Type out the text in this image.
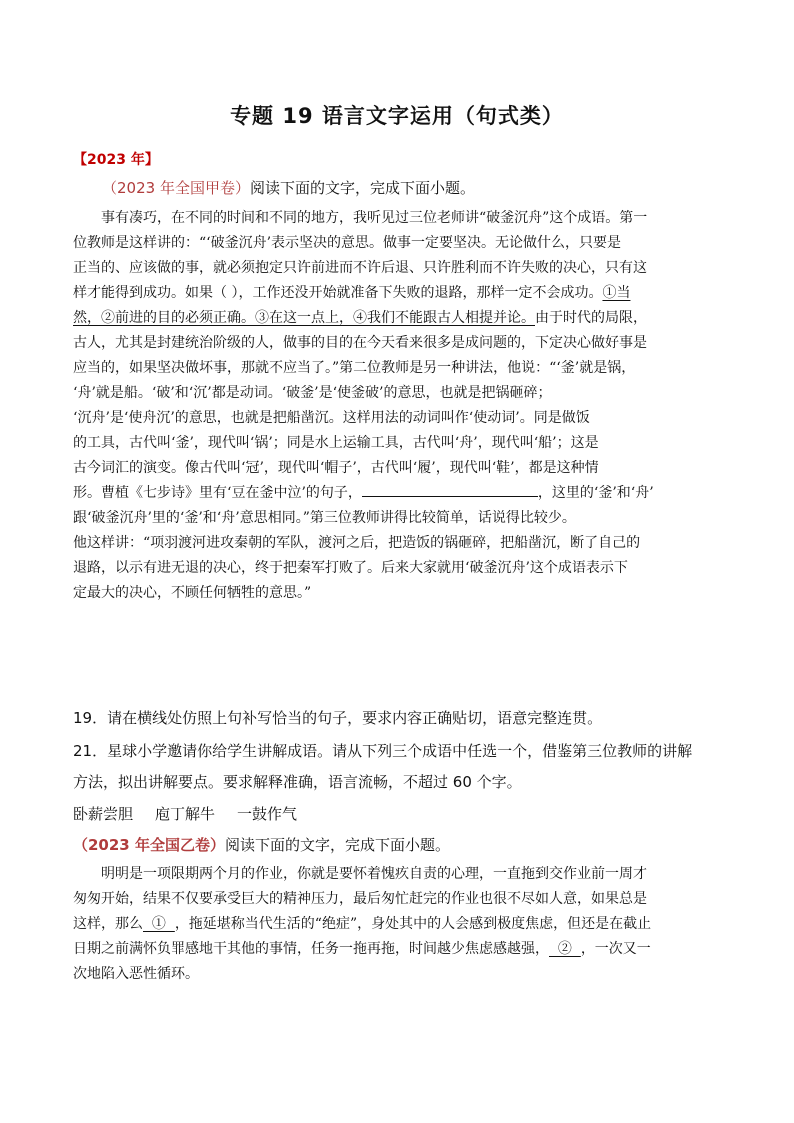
专题 19 语言文字运用（句式类）
【2023 年】
（2023 年全国甲卷）阅读下面的文字，完成下面小题。
事有凑巧，在不同的时间和不同的地方，我听见过三位老师讲“破釜沉舟”这个成语。第一
位教师是这样讲的：“‘破釜沉舟’表示坚决的意思。做事一定要坚决。无论做什么，只要是
正当的、应该做的事，就必须抱定只许前进而不许后退、只许胜利而不许失败的决心，只有这
样才能得到成功。如果（ ），工作还没开始就准备下失败的退路，那样一定不会成功。①当
然，②前进的目的必须正确。③在这一点上，④我们不能跟古人相提并论。由于时代的局限，
古人，尤其是封建统治阶级的人，做事的目的在今天看来很多是成问题的，下定决心做好事是
应当的，如果坚决做坏事，那就不应当了。”第二位教师是另一种讲法，他说：“‘釜’就是锅，
‘舟’就是船。‘破’和‘沉’都是动词。‘破釜’是‘使釜破’的意思，也就是把锅砸碎；
‘沉舟’是‘使舟沉’的意思，也就是把船凿沉。这样用法的动词叫作‘使动词’。同是做饭
的工具，古代叫‘釜’，现代叫‘锅’；同是水上运输工具，古代叫‘舟’，现代叫‘船’；这是
古今词汇的演变。像古代叫‘冠’，现代叫‘帽子’，古代叫‘履’，现代叫‘鞋’，都是这种情
形。曹植《七步诗》里有‘豆在釜中泣’的句子，	，这里的‘釜’和‘舟’
跟‘破釜沉舟’里的‘釜’和‘舟’意思相同。”第三位教师讲得比较简单，话说得比较少。
他这样讲：“项羽渡河进攻秦朝的军队，渡河之后，把造饭的锅砸碎，把船凿沉，断了自己的
退路，以示有进无退的决心，终于把秦军打败了。后来大家就用‘破釜沉舟’这个成语表示下
定最大的决心，不顾任何牺牲的意思。”
19．请在横线处仿照上句补写恰当的句子，要求内容正确贴切，语意完整连贯。
21．星球小学邀请你给学生讲解成语。请从下列三个成语中任选一个，借鉴第三位教师的讲解
方法，拟出讲解要点。要求解释准确，语言流畅，不超过 60 个字。
卧薪尝胆 庖丁解牛 一鼓作气
（2023 年全国乙卷）阅读下面的文字，完成下面小题。
明明是一项限期两个月的作业，你就是要怀着愧疚自责的心理，一直拖到交作业前一周才
匆匆开始，结果不仅要承受巨大的精神压力，最后匆忙赶完的作业也很不尽如人意，如果总是
这样，那么  ①  ，拖延堪称当代生活的“绝症”，身处其中的人会感到极度焦虑，但还是在截止
日期之前满怀负罪感地干其他的事情，任务一拖再拖，时间越少焦虑感越强，  ②  ，一次又一
次地陷入恶性循环。
